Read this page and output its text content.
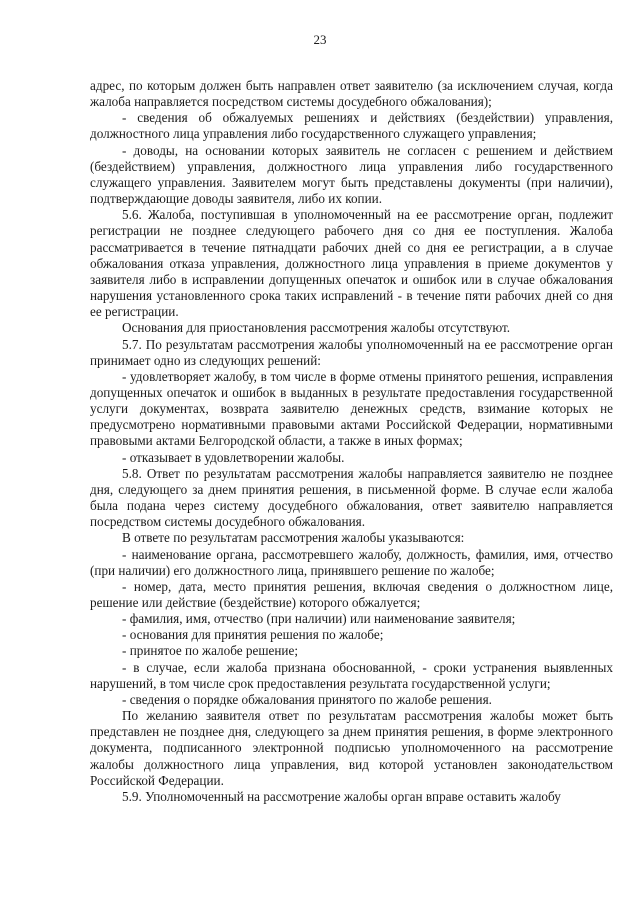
23

адрес, по которым должен быть направлен ответ заявителю (за исключением случая, когда жалоба направляется посредством системы досудебного обжалования);

- сведения об обжалуемых решениях и действиях (бездействии) управления, должностного лица управления либо государственного служащего управления;

- доводы, на основании которых заявитель не согласен с решением и действием (бездействием) управления, должностного лица управления либо государственного служащего управления. Заявителем могут быть представлены документы (при наличии), подтверждающие доводы заявителя, либо их копии.

5.6. Жалоба, поступившая в уполномоченный на ее рассмотрение орган, подлежит регистрации не позднее следующего рабочего дня со дня ее поступления. Жалоба рассматривается в течение пятнадцати рабочих дней со дня ее регистрации, а в случае обжалования отказа управления, должностного лица управления в приеме документов у заявителя либо в исправлении допущенных опечаток и ошибок или в случае обжалования нарушения установленного срока таких исправлений - в течение пяти рабочих дней со дня ее регистрации.

Основания для приостановления рассмотрения жалобы отсутствуют.

5.7. По результатам рассмотрения жалобы уполномоченный на ее рассмотрение орган принимает одно из следующих решений:

- удовлетворяет жалобу, в том числе в форме отмены принятого решения, исправления допущенных опечаток и ошибок в выданных в результате предоставления государственной услуги документах, возврата заявителю денежных средств, взимание которых не предусмотрено нормативными правовыми актами Российской Федерации, нормативными правовыми актами Белгородской области, а также в иных формах;

- отказывает в удовлетворении жалобы.

5.8. Ответ по результатам рассмотрения жалобы направляется заявителю не позднее дня, следующего за днем принятия решения, в письменной форме. В случае если жалоба была подана через систему досудебного обжалования, ответ заявителю направляется посредством системы досудебного обжалования.

В ответе по результатам рассмотрения жалобы указываются:

- наименование органа, рассмотревшего жалобу, должность, фамилия, имя, отчество (при наличии) его должностного лица, принявшего решение по жалобе;

- номер, дата, место принятия решения, включая сведения о должностном лице, решение или действие (бездействие) которого обжалуется;

- фамилия, имя, отчество (при наличии) или наименование заявителя;

- основания для принятия решения по жалобе;

- принятое по жалобе решение;

- в случае, если жалоба признана обоснованной, - сроки устранения выявленных нарушений, в том числе срок предоставления результата государственной услуги;

- сведения о порядке обжалования принятого по жалобе решения.

По желанию заявителя ответ по результатам рассмотрения жалобы может быть представлен не позднее дня, следующего за днем принятия решения, в форме электронного документа, подписанного электронной подписью уполномоченного на рассмотрение жалобы должностного лица управления, вид которой установлен законодательством Российской Федерации.

5.9. Уполномоченный на рассмотрение жалобы орган вправе оставить жалобу
